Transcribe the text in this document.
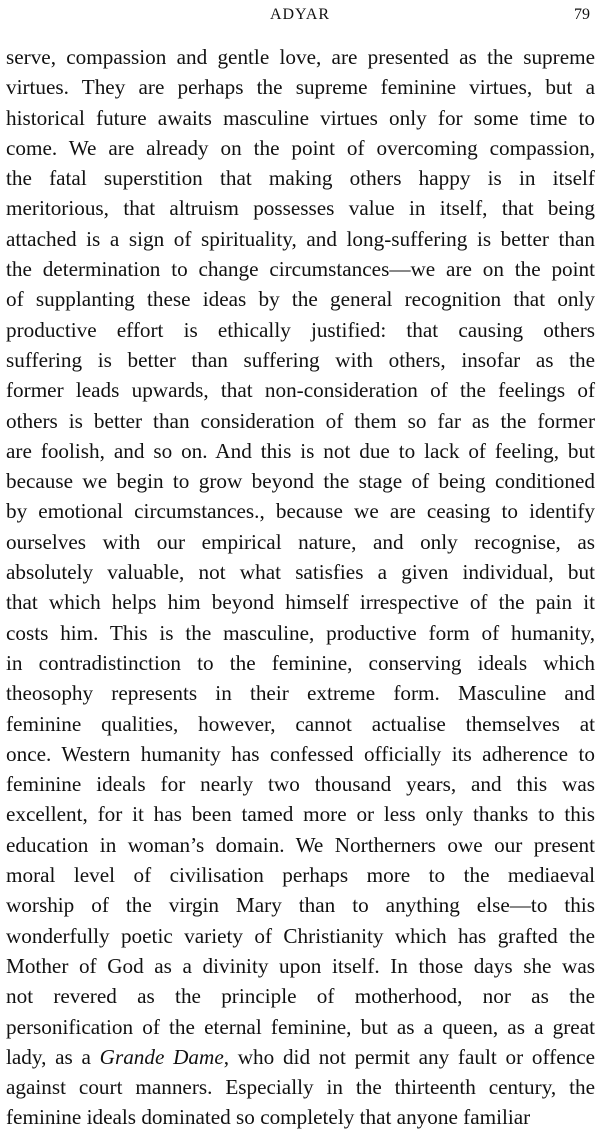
ADYAR	79
serve, compassion and gentle love, are presented as the supreme
virtues. They are perhaps the supreme feminine virtues, but a
historical future awaits masculine virtues only for some time to
come. We are already on the point of overcoming compassion,
the fatal superstition that making others happy is in itself
meritorious, that altruism possesses value in itself, that being
attached is a sign of spirituality, and long-suffering is better than
the determination to change circumstances—we are on the point
of supplanting these ideas by the general recognition that only
productive effort is ethically justified: that causing others
suffering is better than suffering with others, insofar as the
former leads upwards, that non-consideration of the feelings of
others is better than consideration of them so far as the former
are foolish, and so on. And this is not due to lack of feeling, but
because we begin to grow beyond the stage of being conditioned
by emotional circumstances., because we are ceasing to identify
ourselves with our empirical nature, and only recognise, as
absolutely valuable, not what satisfies a given individual, but
that which helps him beyond himself irrespective of the pain it
costs him. This is the masculine, productive form of humanity,
in contradistinction to the feminine, conserving ideals which
theosophy represents in their extreme form. Masculine and
feminine qualities, however, cannot actualise themselves at
once. Western humanity has confessed officially its adherence to
feminine ideals for nearly two thousand years, and this was
excellent, for it has been tamed more or less only thanks to this
education in woman’s domain. We Northerners owe our present
moral level of civilisation perhaps more to the mediaeval
worship of the virgin Mary than to anything else—to this
wonderfully poetic variety of Christianity which has grafted the
Mother of God as a divinity upon itself. In those days she was
not revered as the principle of motherhood, nor as the
personification of the eternal feminine, but as a queen, as a great
lady, as a Grande Dame, who did not permit any fault or offence
against court manners. Especially in the thirteenth century, the
feminine ideals dominated so completely that anyone familiar
